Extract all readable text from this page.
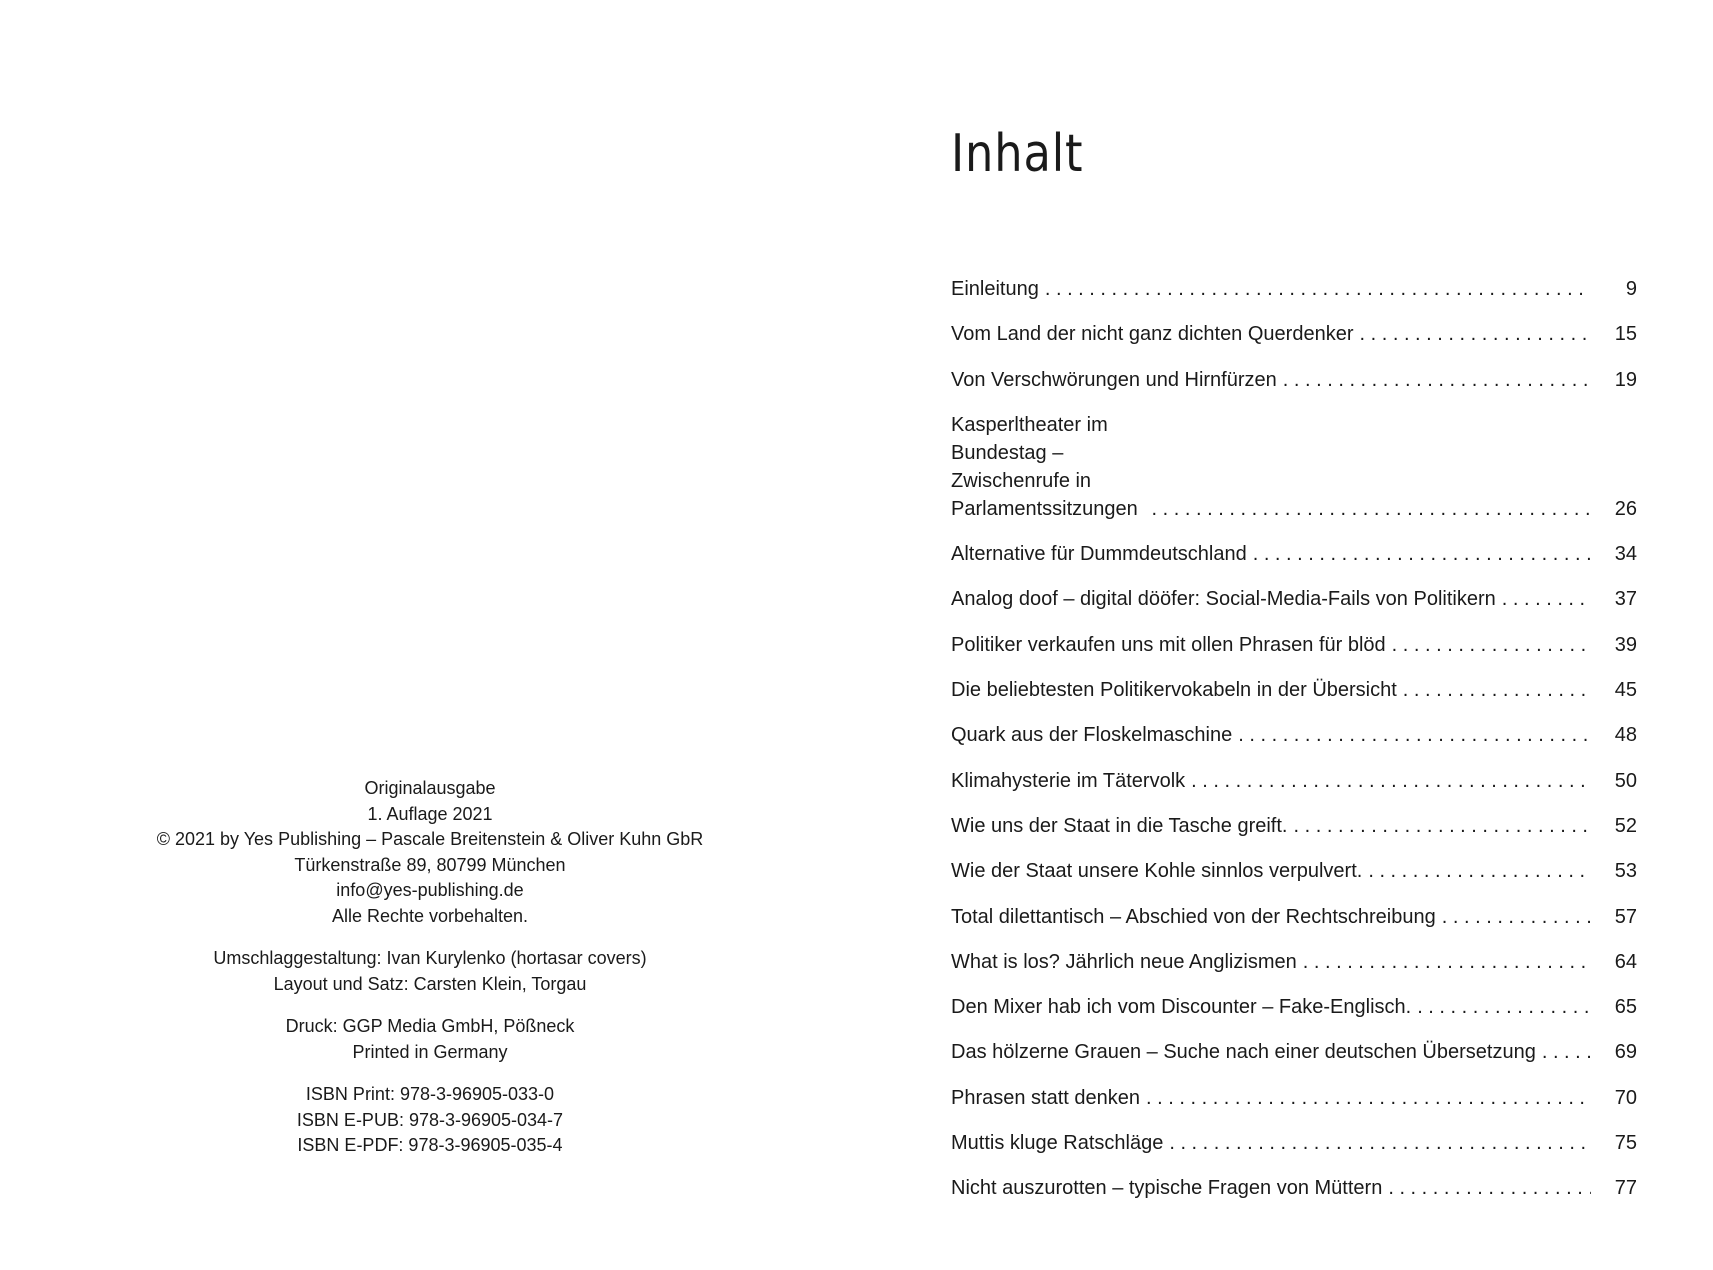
Originalausgabe
1. Auflage 2021
© 2021 by Yes Publishing – Pascale Breitenstein & Oliver Kuhn GbR
Türkenstraße 89, 80799 München
info@yes-publishing.de
Alle Rechte vorbehalten.
Umschlaggestaltung: Ivan Kurylenko (hortasar covers)
Layout und Satz: Carsten Klein, Torgau
Druck: GGP Media GmbH, Pößneck
Printed in Germany
ISBN Print: 978-3-96905-033-0
ISBN E-PUB: 978-3-96905-034-7
ISBN E-PDF: 978-3-96905-035-4
Inhalt
Einleitung . . .	9
Vom Land der nicht ganz dichten Querdenker . . .	15
Von Verschwörungen und Hirnfürzen . . .	19
Kasperltheater im Bundestag – Zwischenrufe in Parlamentssitzungen . . .	26
Alternative für Dummdeutschland . . .	34
Analog doof – digital dööfer: Social-Media-Fails von Politikern . . .	37
Politiker verkaufen uns mit ollen Phrasen für blöd . . .	39
Die beliebtesten Politikervokabeln in der Übersicht . . .	45
Quark aus der Floskelmaschine . . .	48
Klimahysterie im Tätervolk . . .	50
Wie uns der Staat in die Tasche greift. . . .	52
Wie der Staat unsere Kohle sinnlos verpulvert. . . .	53
Total dilettantisch – Abschied von der Rechtschreibung . . .	57
What is los? Jährlich neue Anglizismen . . .	64
Den Mixer hab ich vom Discounter – Fake-Englisch. . . .	65
Das hölzerne Grauen – Suche nach einer deutschen Übersetzung . . .	69
Phrasen statt denken . . .	70
Muttis kluge Ratschläge . . .	75
Nicht auszurotten – typische Fragen von Müttern . . .	77
